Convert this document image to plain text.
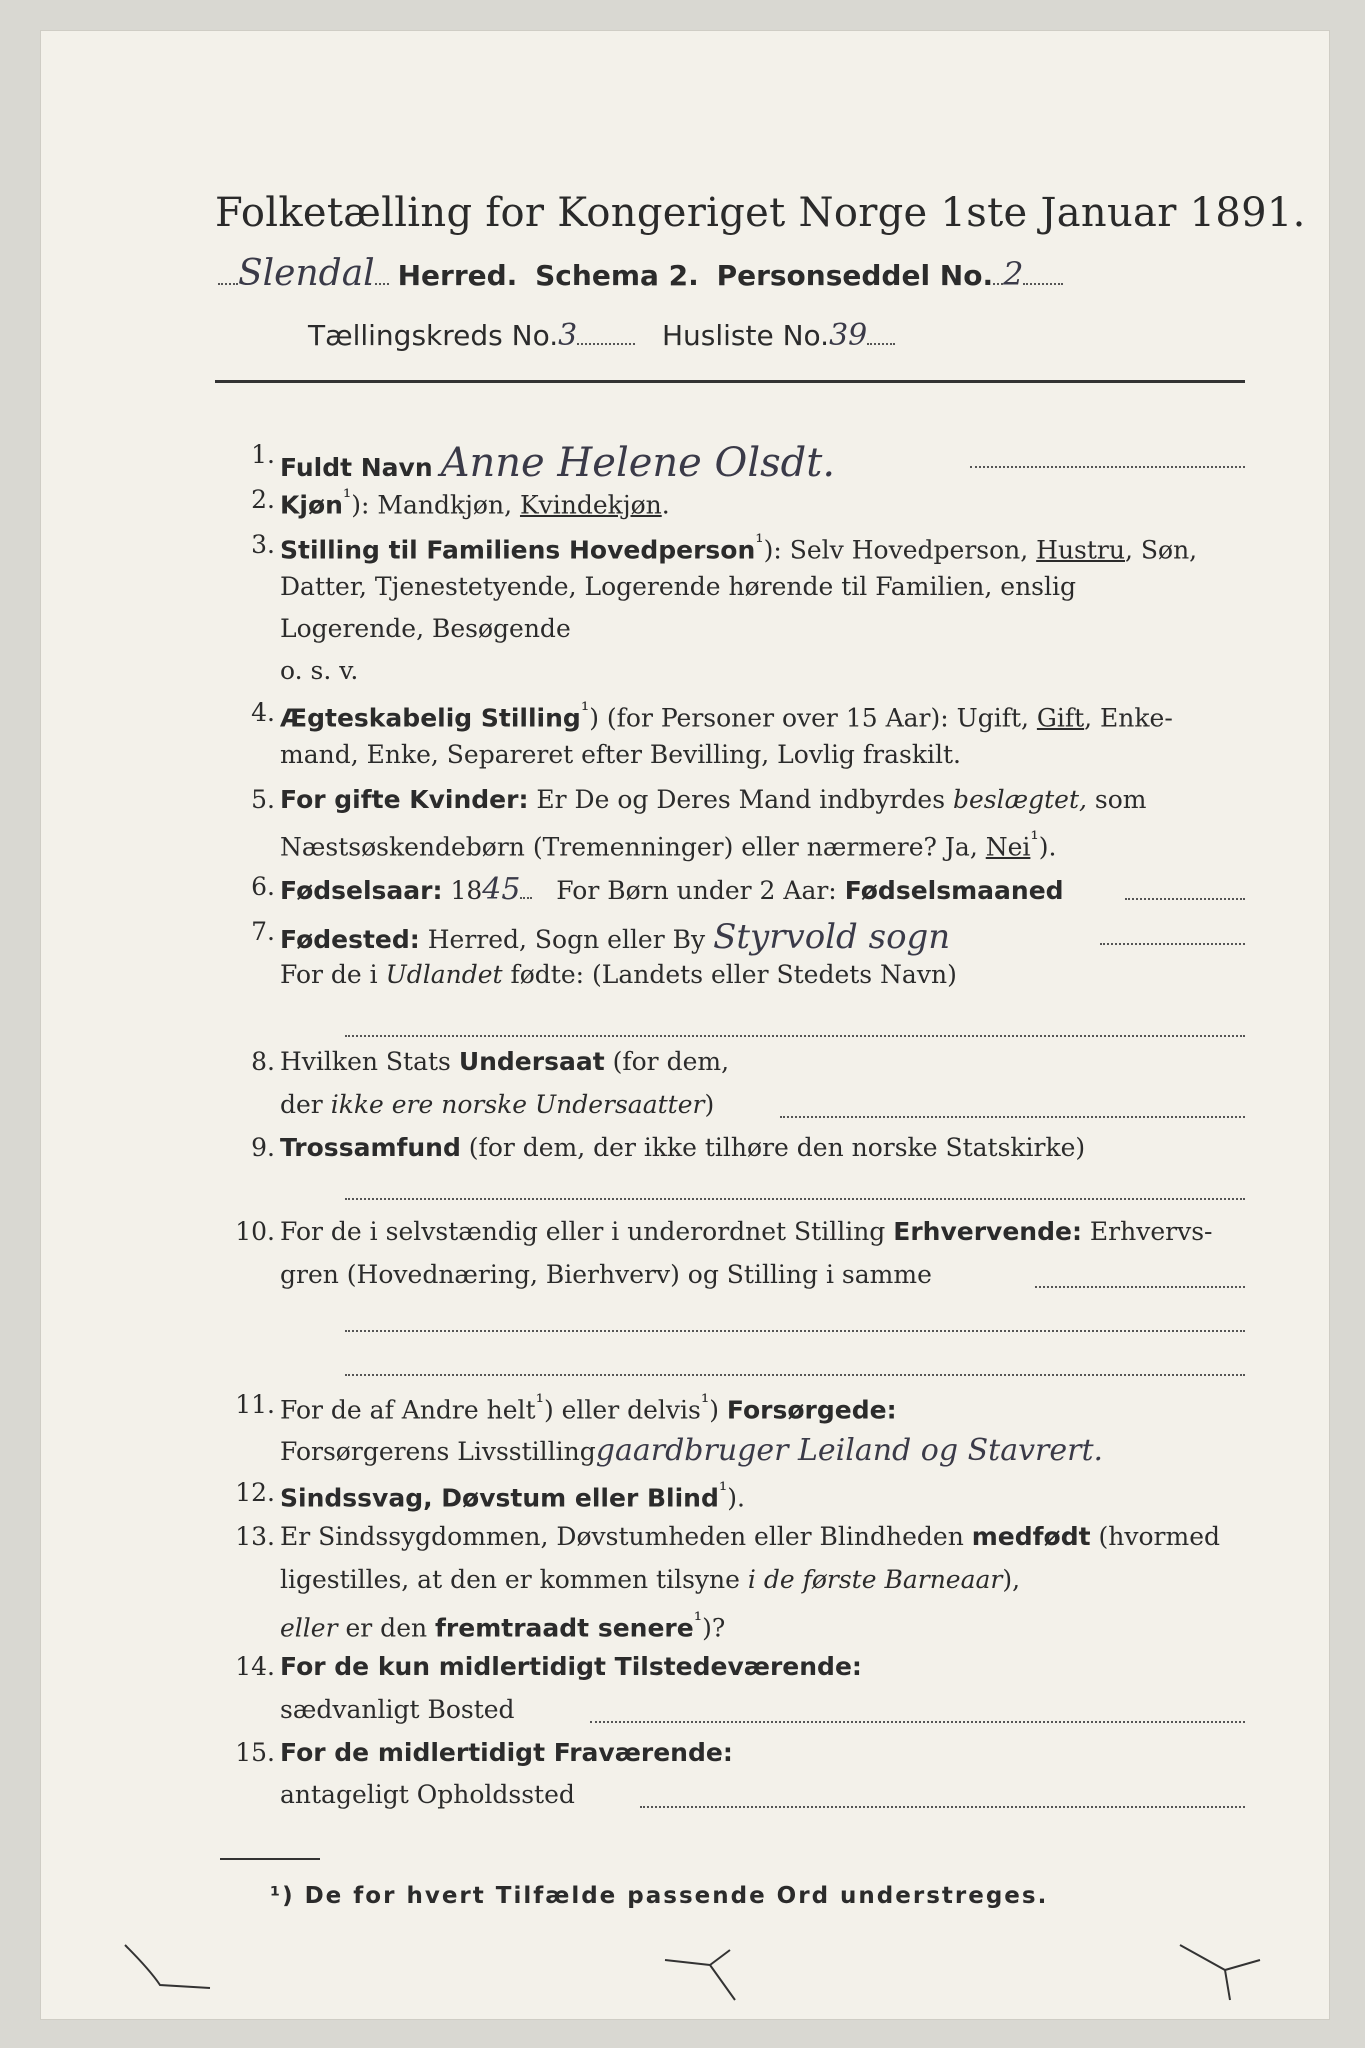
Folketælling for Kongeriget Norge 1ste Januar 1891.
Slendal Herred. Schema 2. Personseddel No. 2
Tællingskreds No.3	Husliste No.39
1. Fuldt Navn Anne Helene Olsdt.
2. Kjøn$^{^1}$): Mandkjøn, Kvindekjøn.
3. Stilling til Familiens Hovedperson$^{^1}$): Selv Hovedperson, Hustru, Søn,
Datter, Tjenestetyende, Logerende hørende til Familien, enslig
Logerende, Besøgende
o. s. v.
4. Ægteskabelig Stilling$^{^1}$) (for Personer over 15 Aar): Ugift, Gift, Enke-
mand, Enke, Separeret efter Bevilling, Lovlig fraskilt.
5. For gifte Kvinder: Er De og Deres Mand indbyrdes beslægtet, som
Næstsøskendebørn (Tremenninger) eller nærmere? Ja, Nei$^{^1}$).
6. Fødselsaar: 1845 For Børn under 2 Aar: Fødselsmaaned
7. Fødested: Herred, Sogn eller By Styrvold sogn
For de i Udlandet fødte: (Landets eller Stedets Navn)
8. Hvilken Stats Undersaat (for dem,
der ikke ere norske Undersaatter)
9. Trossamfund (for dem, der ikke tilhøre den norske Statskirke)
10. For de i selvstændig eller i underordnet Stilling Erhvervende: Erhvervs-
gren (Hovednæring, Bierhverv) og Stilling i samme
11. For de af Andre helt$^{^1}$) eller delvis$^{^1}$) Forsørgede:
Forsørgerens Livsstillinggaardbruger Leiland og Stavrert.
12. Sindssvag, Døvstum eller Blind$^{^1}$).
13. Er Sindssygdommen, Døvstumheden eller Blindheden medfødt (hvormed
ligestilles, at den er kommen tilsyne i de første Barneaar),
eller er den fremtraadt senere$^{^1}$)?
14. For de kun midlertidigt Tilstedeværende:
sædvanligt Bosted
15. For de midlertidigt Fraværende:
antageligt Opholdssted
¹) De for hvert Tilfælde passende Ord understreges.
